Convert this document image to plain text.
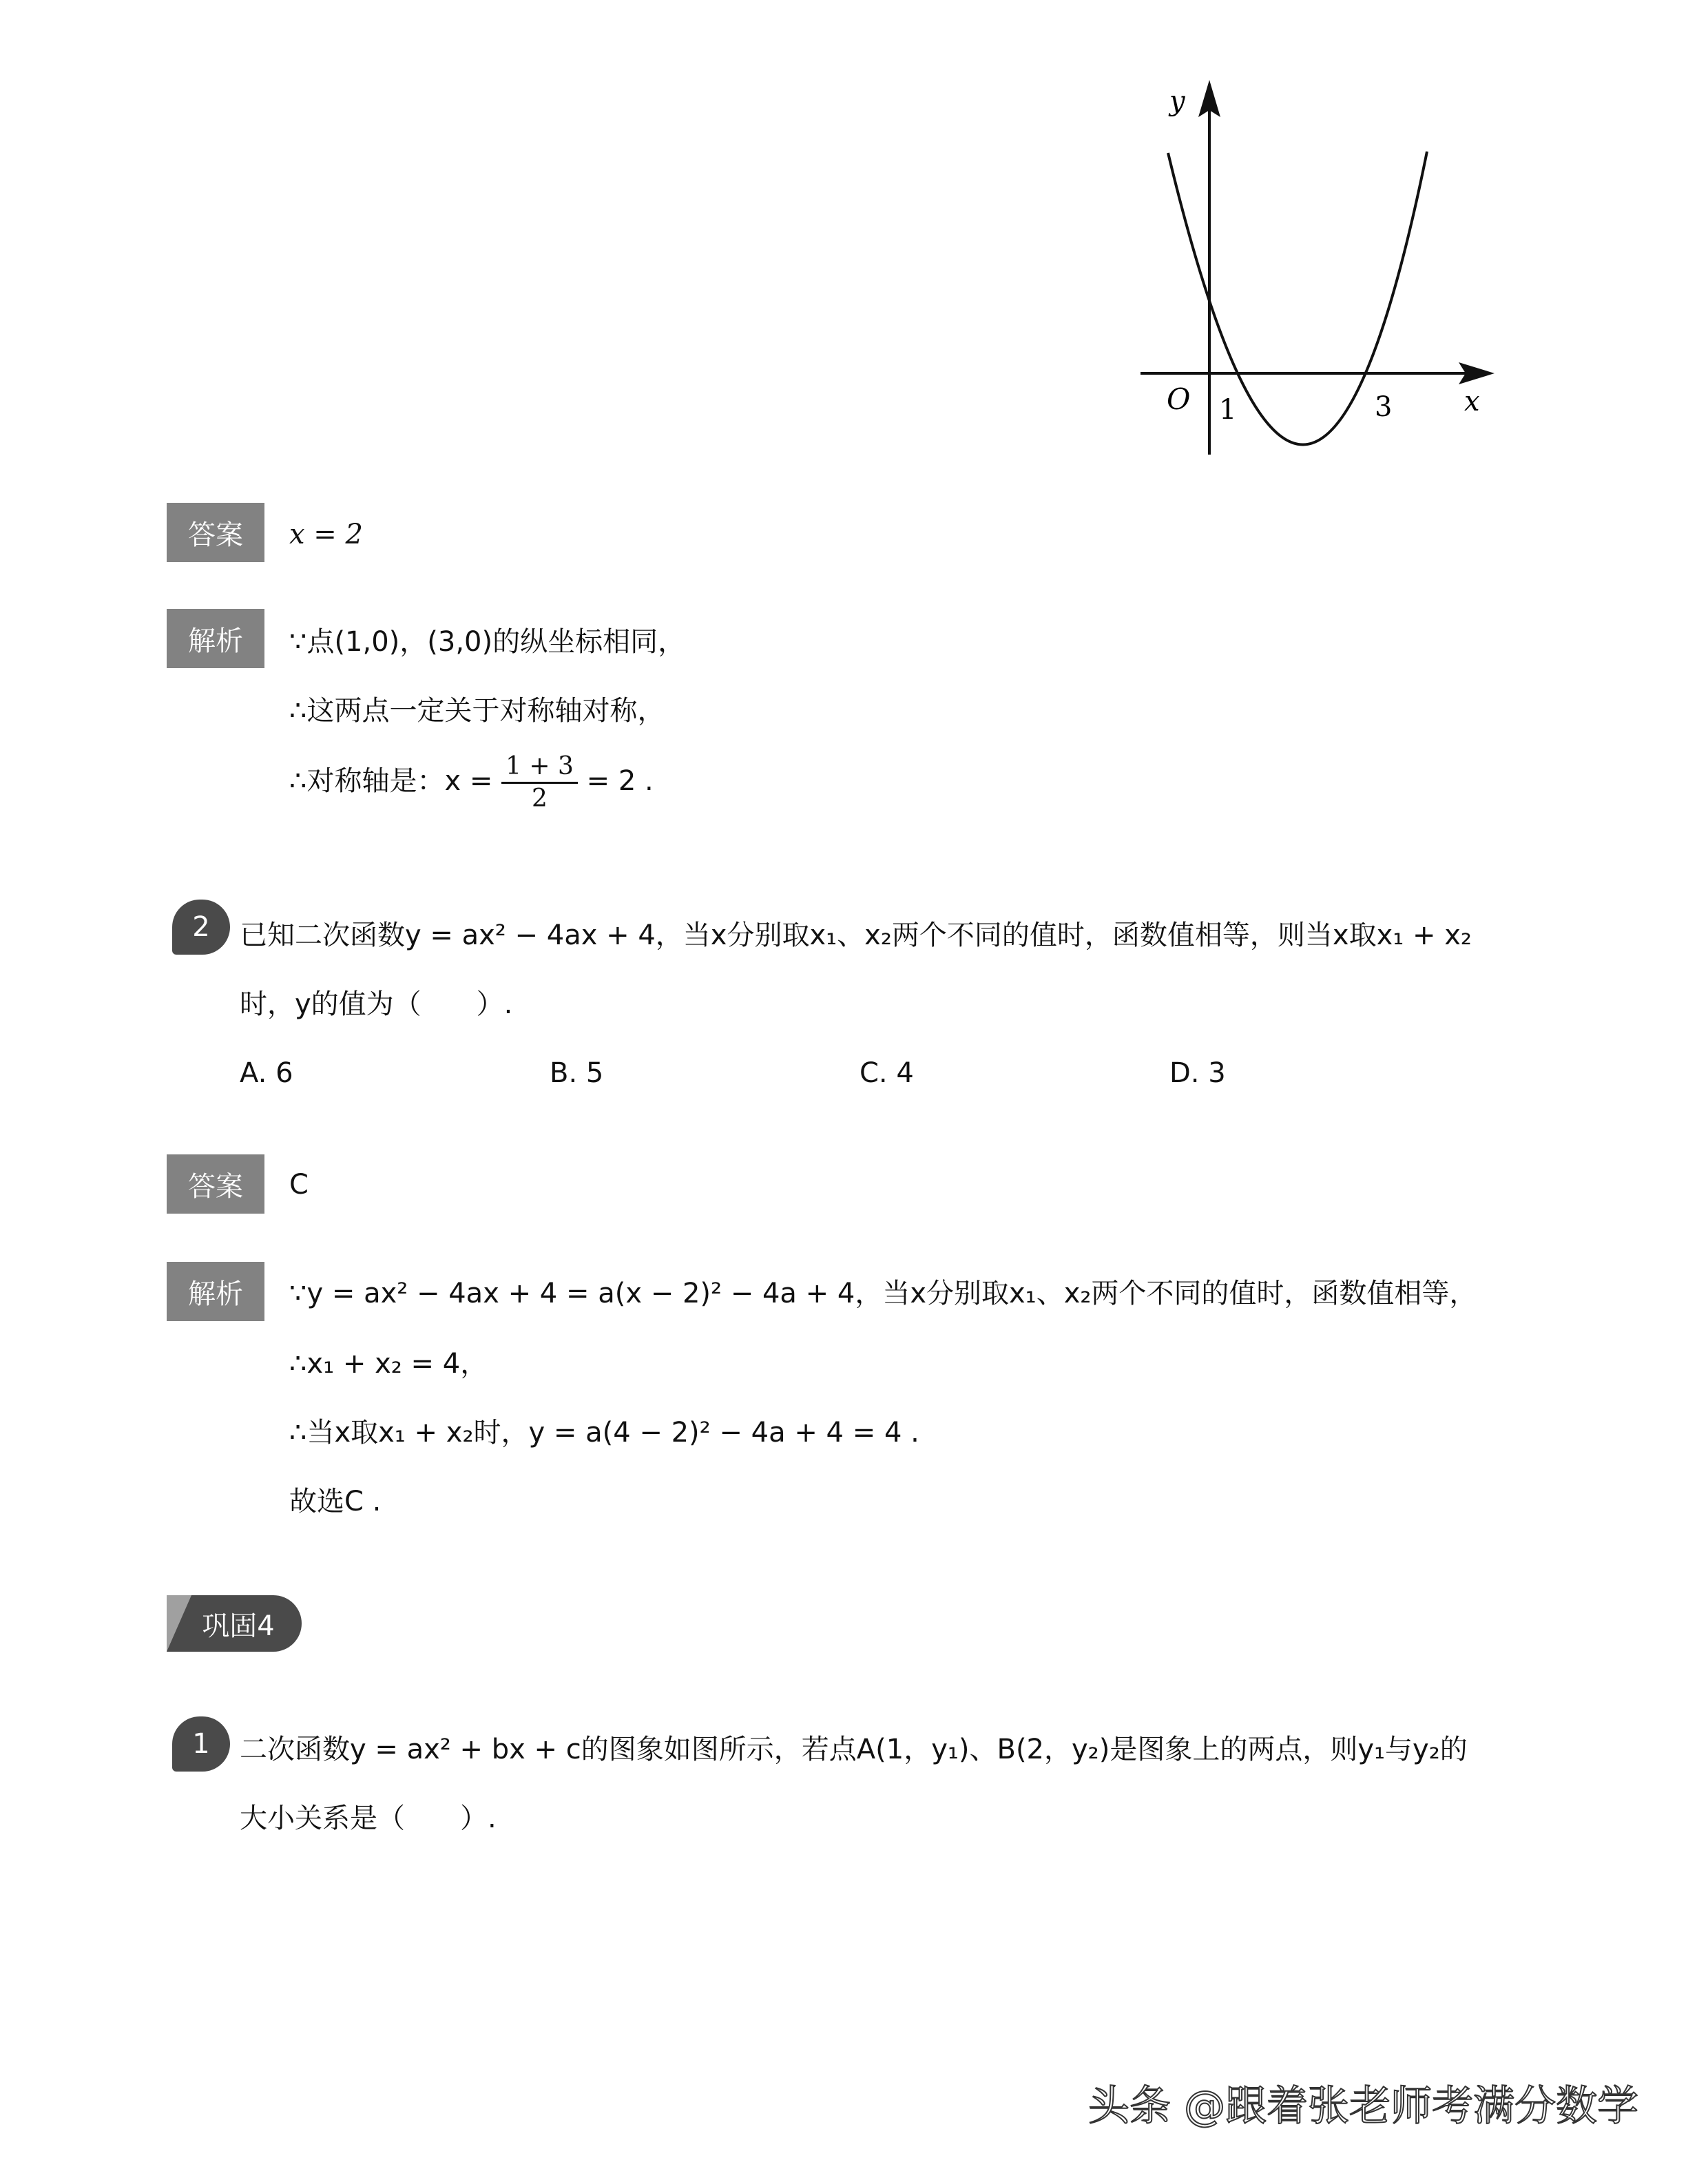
y
O 1	3	x
答案	x = 2
解析	∵点(1,0)，(3,0)的纵坐标相同，
∴这两点一定关于对称轴对称，
∴对称轴是：$x = \frac{1 + 3}{2} = 2$ .
2	已知二次函数y = ax² − 4ax + 4，当x分别取x₁、x₂两个不同的值时，函数值相等，则当x取x₁ + x₂
时，y的值为（　　）.
A. 6	B. 5	C. 4	D. 3
答案	C
解析	∵y = ax² − 4ax + 4 = a(x − 2)² − 4a + 4，当x分别取x₁、x₂两个不同的值时，函数值相等，
∴x₁ + x₂ = 4，
∴当x取x₁ + x₂时，y = a(4 − 2)² − 4a + 4 = 4 .
故选C .
巩固4
1	二次函数y = ax² + bx + c的图象如图所示，若点A(1，y₁)、B(2，y₂)是图象上的两点，则y₁与y₂的
大小关系是（　　）.
头条 @跟着张老师考满分数学
